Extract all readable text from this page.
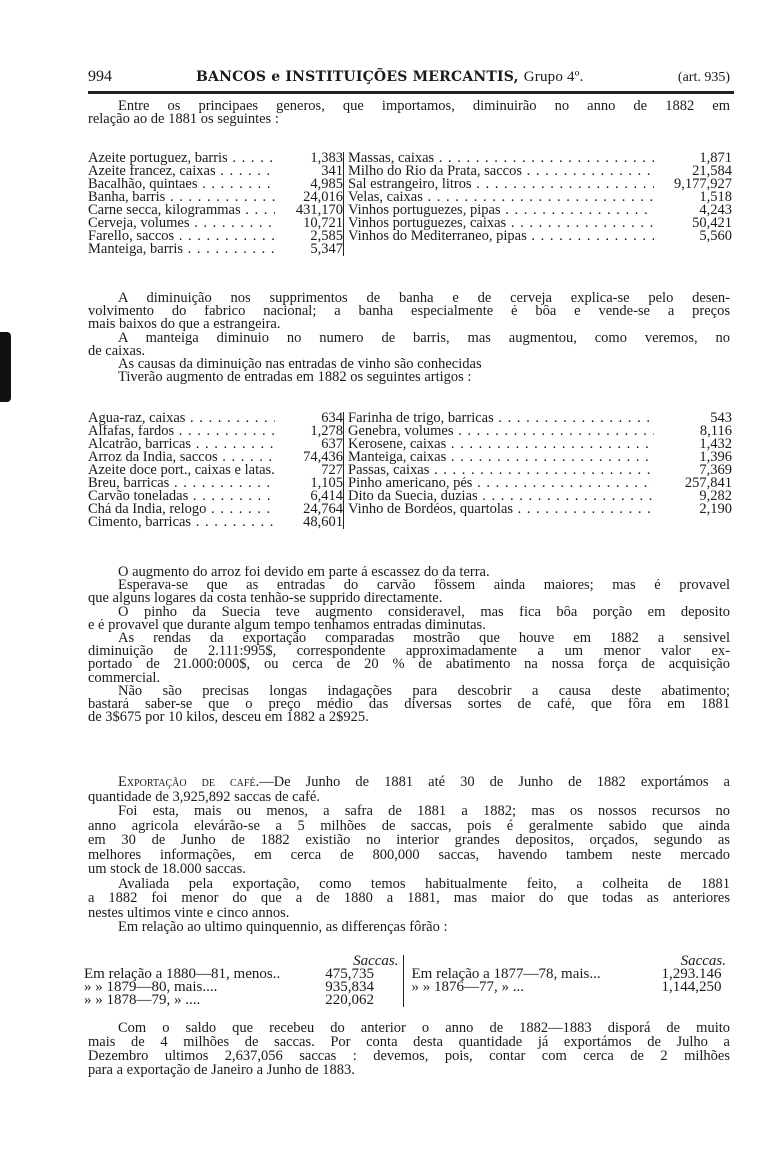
994	BANCOS e INSTITUIÇÕES MERCANTIS, Grupo 4º.	(art. 935)
Entre os principaes generos, que importamos, diminuirão no anno de 1882 em
relação ao de 1881 os seguintes :
Azeite portuguez, barris . . .	1,383
Azeite francez, caixas . . .	341
Bacalhão, quintaes . . .	4,985
Banha, barris . . .	24,016
Carne secca, kilogrammas . . .	431,170
Cerveja, volumes . . .	10,721
Farello, saccos . . .	2,585
Manteiga, barris . . .	5,347
Massas, caixas . . .	1,871
Milho do Rio da Prata, saccos . . .	21,584
Sal estrangeiro, litros . . .	9,177,927
Velas, caixas . . .	1,518
Vinhos portuguezes, pipas . . .	4,243
Vinhos portuguezes, caixas . . .	50,421
Vinhos do Mediterraneo, pipas . . .	5,560
A diminuição nos supprimentos de banha e de cerveja explica-se pelo desen-
volvimento do fabrico nacional; a banha especialmente é bôa e vende-se a preços
mais baixos do que a estrangeira.
A manteiga diminuio no numero de barris, mas augmentou, como veremos, no
de caixas.
As causas da diminuição nas entradas de vinho são conhecidas
Tiverão augmento de entradas em 1882 os seguintes artigos :
Agua-raz, caixas . . .	634
Alfafas, fardos . . .	1,278
Alcatrão, barricas . . .	637
Arroz da India, saccos . . .	74,436
Azeite doce port., caixas e latas. . . .	727
Breu, barricas . . .	1,105
Carvão toneladas . . .	6,414
Chá da India, relogo . . .	24,764
Cimento, barricas . . .	48,601
Farinha de trigo, barricas . . .	543
Genebra, volumes . . .	8,116
Kerosene, caixas . . .	1,432
Manteiga, caixas . . .	1,396
Passas, caixas . . .	7,369
Pinho americano, pés . . .	257,841
Dito da Suecia, duzias . . .	9,282
Vinho de Bordéos, quartolas . . .	2,190
O augmento do arroz foi devido em parte á escassez do da terra.
Esperava-se que as entradas do carvão fôssem ainda maiores; mas é provavel
que alguns logares da costa tenhão-se supprido directamente.
O pinho da Suecia teve augmento consideravel, mas fica bôa porção em deposito
e é provavel que durante algum tempo tenhamos entradas diminutas.
As rendas da exportação comparadas mostrão que houve em 1882 a sensivel
diminuição de 2.111:995$, correspondente approximadamente a um menor valor ex-
portado de 21.000:000$, ou cerca de 20 % de abatimento na nossa força de acquisição
commercial.
Não são precisas longas indagações para descobrir a causa deste abatimento;
bastará saber-se que o preço médio das diversas sortes de café, que fôra em 1881
de 3$675 por 10 kilos, desceu em 1882 a 2$925.
Exportação de café.—De Junho de 1881 até 30 de Junho de 1882 exportámos a
quantidade de 3,925,892 saccas de café.
Foi esta, mais ou menos, a safra de 1881 a 1882; mas os nossos recursos no
anno agricola elevárão-se a 5 milhões de saccas, pois é geralmente sabido que ainda
em 30 de Junho de 1882 existião no interior grandes depositos, orçados, segundo as
melhores informações, em cerca de 800,000 saccas, havendo tambem neste mercado
um stock de 18.000 saccas.
Avaliada pela exportação, como temos habitualmente feito, a colheita de 1881
a 1882 foi menor do que a de 1880 a 1881, mas maior do que todas as anteriores
nestes ultimos vinte e cinco annos.
Em relação ao ultimo quinquennio, as differenças fôrão :
Saccas.
Em relação a 1880—81, menos..	475,735
» » 1879—80, mais....	935,834
» » 1878—79, » ....	220,062
Saccas.
Em relação a 1877—78, mais...	1,293.146
» » 1876—77, » ...	1,144,250
Com o saldo que recebeu do anterior o anno de 1882—1883 disporá de muito
mais de 4 milhões de saccas. Por conta desta quantidade já exportámos de Julho a
Dezembro ultimos 2,637,056 saccas : devemos, pois, contar com cerca de 2 milhões
para a exportação de Janeiro a Junho de 1883.
